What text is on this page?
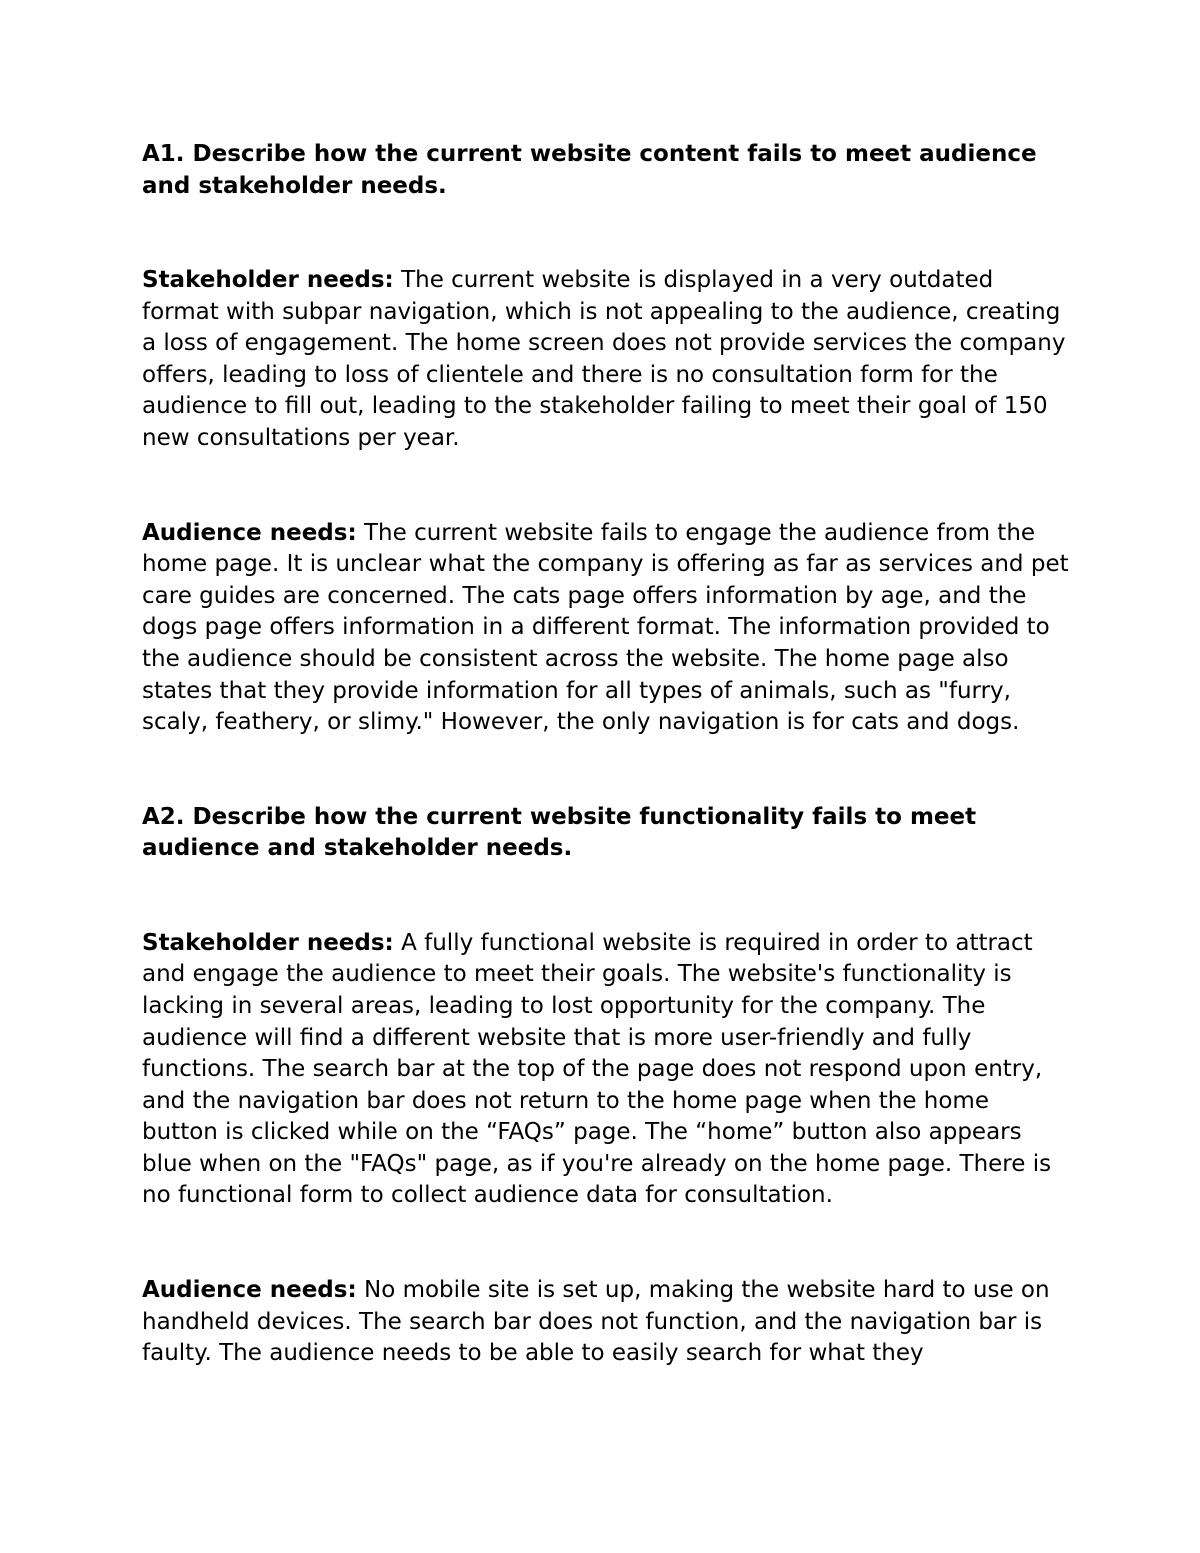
A1. Describe how the current website content fails to meet audience and stakeholder needs.

Stakeholder needs: The current website is displayed in a very outdated format with subpar navigation, which is not appealing to the audience, creating a loss of engagement. The home screen does not provide services the company offers, leading to loss of clientele and there is no consultation form for the audience to fill out, leading to the stakeholder failing to meet their goal of 150 new consultations per year.

Audience needs: The current website fails to engage the audience from the home page. It is unclear what the company is offering as far as services and pet care guides are concerned. The cats page offers information by age, and the dogs page offers information in a different format. The information provided to the audience should be consistent across the website. The home page also states that they provide information for all types of animals, such as "furry, scaly, feathery, or slimy." However, the only navigation is for cats and dogs.

A2. Describe how the current website functionality fails to meet audience and stakeholder needs.

Stakeholder needs: A fully functional website is required in order to attract and engage the audience to meet their goals. The website's functionality is lacking in several areas, leading to lost opportunity for the company. The audience will find a different website that is more user-friendly and fully functions. The search bar at the top of the page does not respond upon entry, and the navigation bar does not return to the home page when the home button is clicked while on the “FAQs” page. The “home” button also appears blue when on the "FAQs" page, as if you're already on the home page. There is no functional form to collect audience data for consultation.

Audience needs: No mobile site is set up, making the website hard to use on handheld devices. The search bar does not function, and the navigation bar is faulty. The audience needs to be able to easily search for what they
